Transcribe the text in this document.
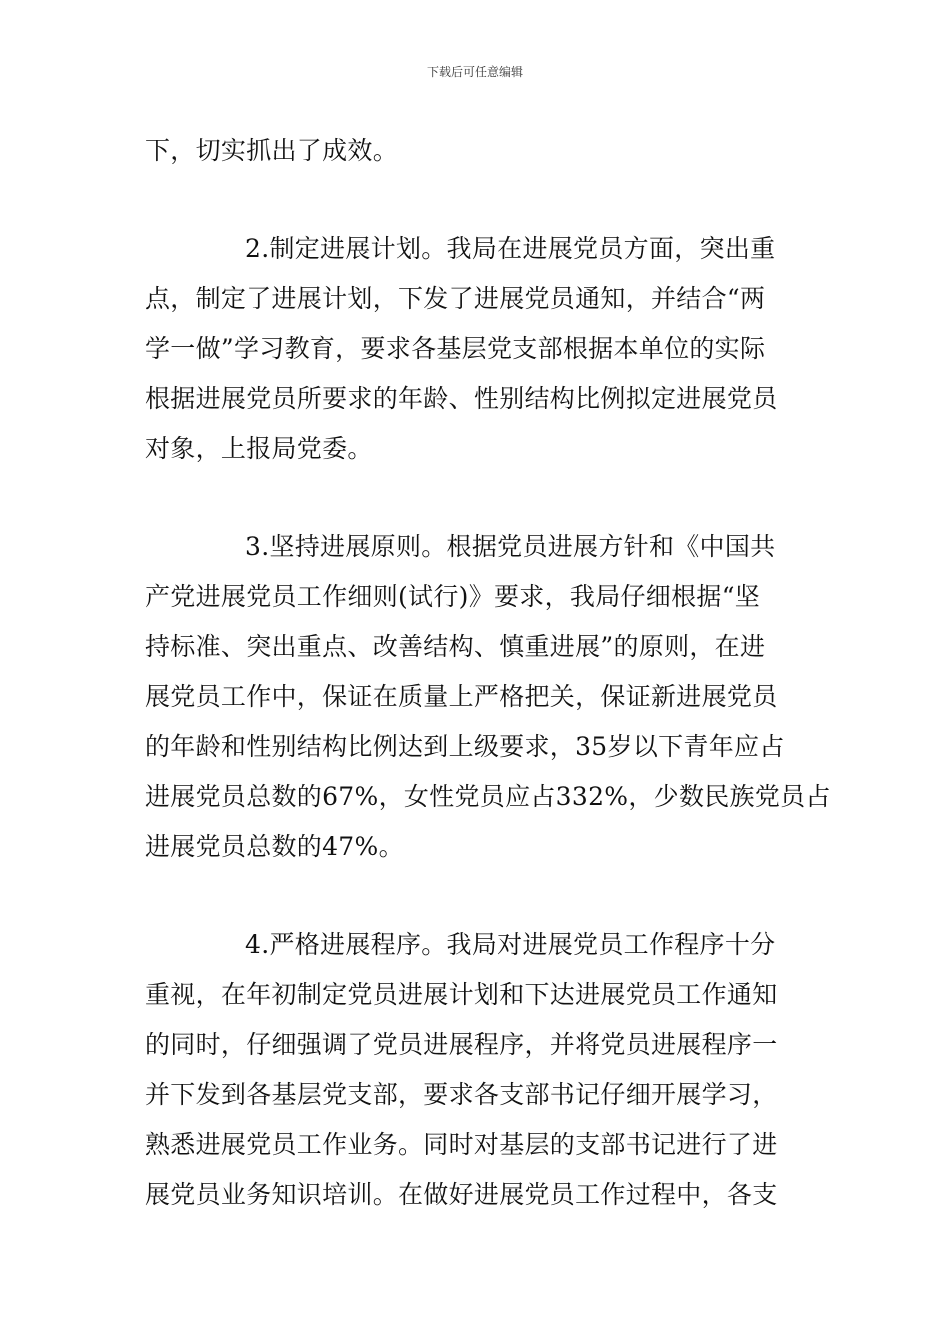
下载后可任意编辑
下，切实抓出了成效。
2.制定进展计划。我局在进展党员方面，突出重
点，制定了进展计划，下发了进展党员通知，并结合“两
学一做”学习教育，要求各基层党支部根据本单位的实际
根据进展党员所要求的年龄、性别结构比例拟定进展党员
对象，上报局党委。
3.坚持进展原则。根据党员进展方针和《中国共
产党进展党员工作细则(试行)》要求，我局仔细根据“坚
持标准、突出重点、改善结构、慎重进展”的原则，在进
展党员工作中，保证在质量上严格把关，保证新进展党员
的年龄和性别结构比例达到上级要求，35岁以下青年应占
进展党员总数的67%，女性党员应占332%，少数民族党员占
进展党员总数的47%。
4.严格进展程序。我局对进展党员工作程序十分
重视，在年初制定党员进展计划和下达进展党员工作通知
的同时，仔细强调了党员进展程序，并将党员进展程序一
并下发到各基层党支部，要求各支部书记仔细开展学习，
熟悉进展党员工作业务。同时对基层的支部书记进行了进
展党员业务知识培训。在做好进展党员工作过程中，各支
